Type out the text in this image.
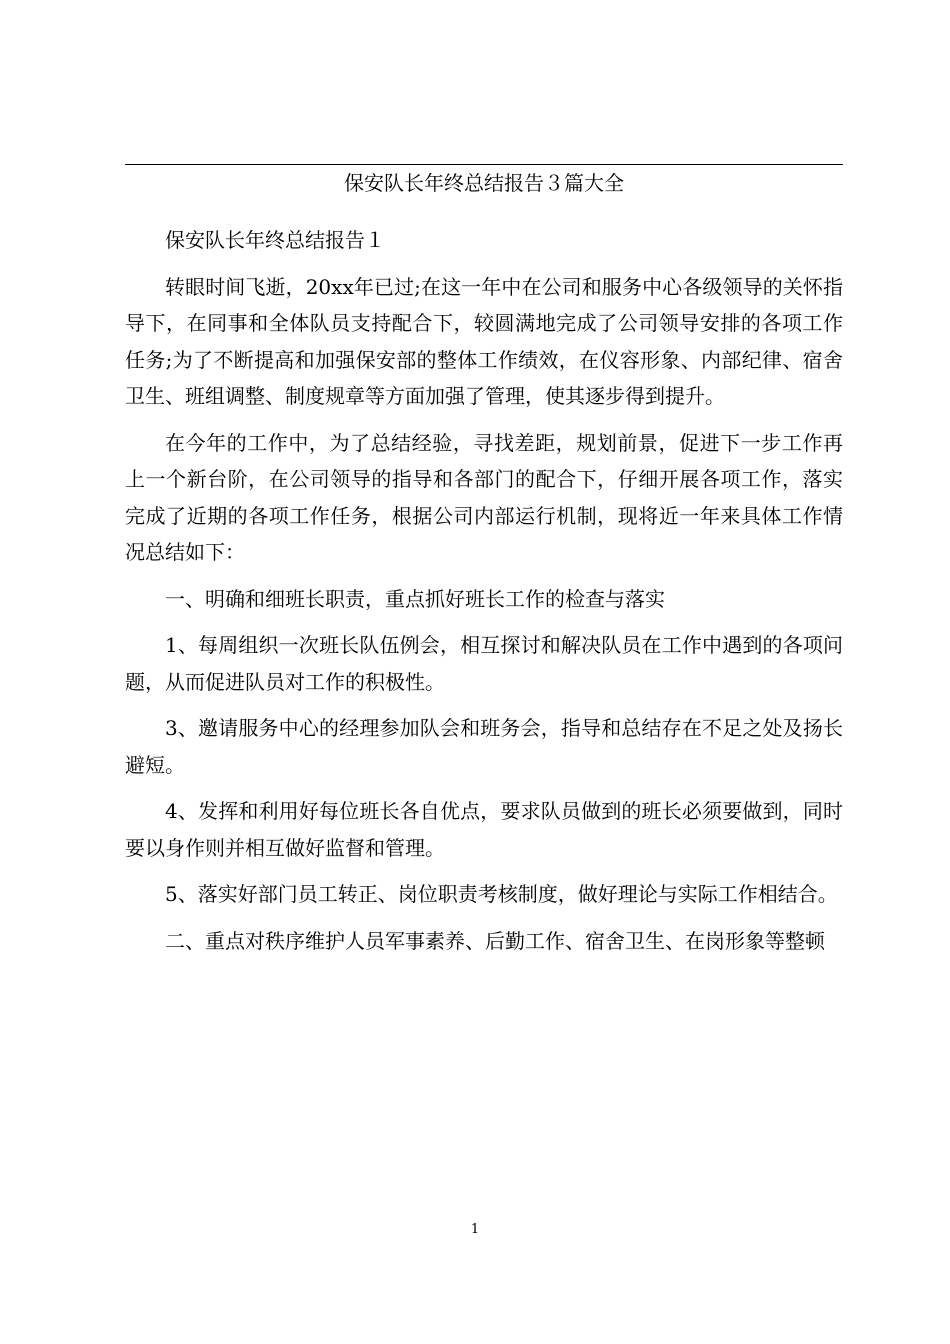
保安队长年终总结报告３篇大全

保安队长年终总结报告１

转眼时间飞逝，20xx年已过;在这一年中在公司和服务中心各级领导的关怀指导下，在同事和全体队员支持配合下，较圆满地完成了公司领导安排的各项工作任务;为了不断提高和加强保安部的整体工作绩效，在仪容形象、内部纪律、宿舍卫生、班组调整、制度规章等方面加强了管理，使其逐步得到提升。

在今年的工作中，为了总结经验，寻找差距，规划前景，促进下一步工作再上一个新台阶，在公司领导的指导和各部门的配合下，仔细开展各项工作，落实完成了近期的各项工作任务，根据公司内部运行机制，现将近一年来具体工作情况总结如下：

一、明确和细班长职责，重点抓好班长工作的检查与落实

1、每周组织一次班长队伍例会，相互探讨和解决队员在工作中遇到的各项问题，从而促进队员对工作的积极性。

3、邀请服务中心的经理参加队会和班务会，指导和总结存在不足之处及扬长避短。

4、发挥和利用好每位班长各自优点，要求队员做到的班长必须要做到，同时要以身作则并相互做好监督和管理。

5、落实好部门员工转正、岗位职责考核制度，做好理论与实际工作相结合。

二、重点对秩序维护人员军事素养、后勤工作、宿舍卫生、在岗形象等整顿

1
